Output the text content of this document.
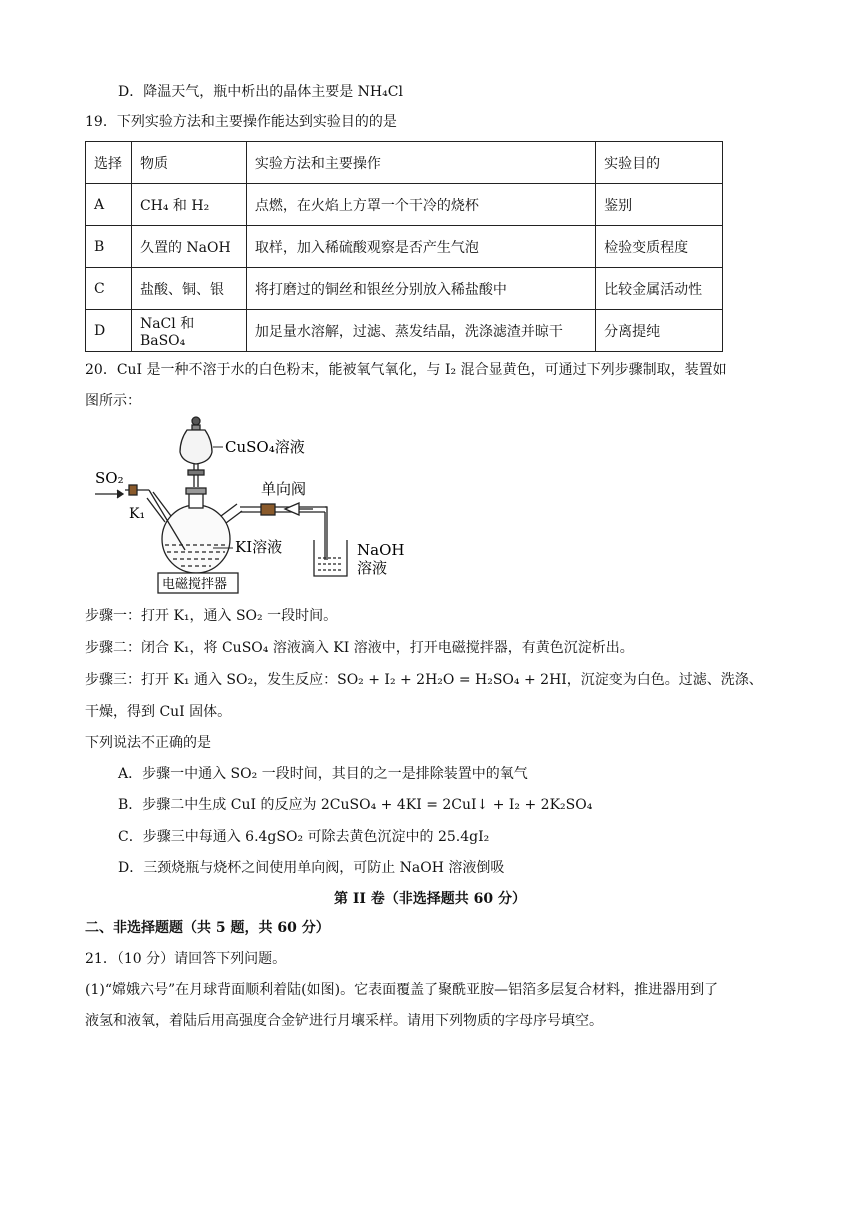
D．降温天气，瓶中析出的晶体主要是 NH₄Cl
19．下列实验方法和主要操作能达到实验目的的是
选择	物质	实验方法和主要操作	实验目的
A	CH₄ 和 H₂	点燃，在火焰上方罩一个干冷的烧杯	鉴别
B	久置的 NaOH	取样，加入稀硫酸观察是否产生气泡	检验变质程度
C	盐酸、铜、银	将打磨过的铜丝和银丝分别放入稀盐酸中	比较金属活动性
D	NaCl 和 BaSO₄	加足量水溶解，过滤、蒸发结晶，洗涤滤渣并晾干	分离提纯
20．CuI 是一种不溶于水的白色粉末，能被氧气氧化，与 I₂ 混合显黄色，可通过下列步骤制取，装置如
图所示：
CuSO₄溶液
SO₂
K₁
单向阀
KI溶液	NaOH
溶液
电磁搅拌器
步骤一：打开 K₁，通入 SO₂ 一段时间。
步骤二：闭合 K₁，将 CuSO₄ 溶液滴入 KI 溶液中，打开电磁搅拌器，有黄色沉淀析出。
步骤三：打开 K₁ 通入 SO₂，发生反应：SO₂ + I₂ + 2H₂O = H₂SO₄ + 2HI，沉淀变为白色。过滤、洗涤、
干燥，得到 CuI 固体。
下列说法不正确的是
A．步骤一中通入 SO₂ 一段时间，其目的之一是排除装置中的氧气
B．步骤二中生成 CuI 的反应为 2CuSO₄ + 4KI = 2CuI↓ + I₂ + 2K₂SO₄
C．步骤三中每通入 6.4gSO₂ 可除去黄色沉淀中的 25.4gI₂
D．三颈烧瓶与烧杯之间使用单向阀，可防止 NaOH 溶液倒吸
第 II 卷（非选择题共 60 分）
二、非选择题题（共 5 题，共 60 分）
21．（10 分）请回答下列问题。
(1)“嫦娥六号”在月球背面顺利着陆(如图)。它表面覆盖了聚酰亚胺—铝箔多层复合材料，推进器用到了
液氢和液氧，着陆后用高强度合金铲进行月壤采样。请用下列物质的字母序号填空。
